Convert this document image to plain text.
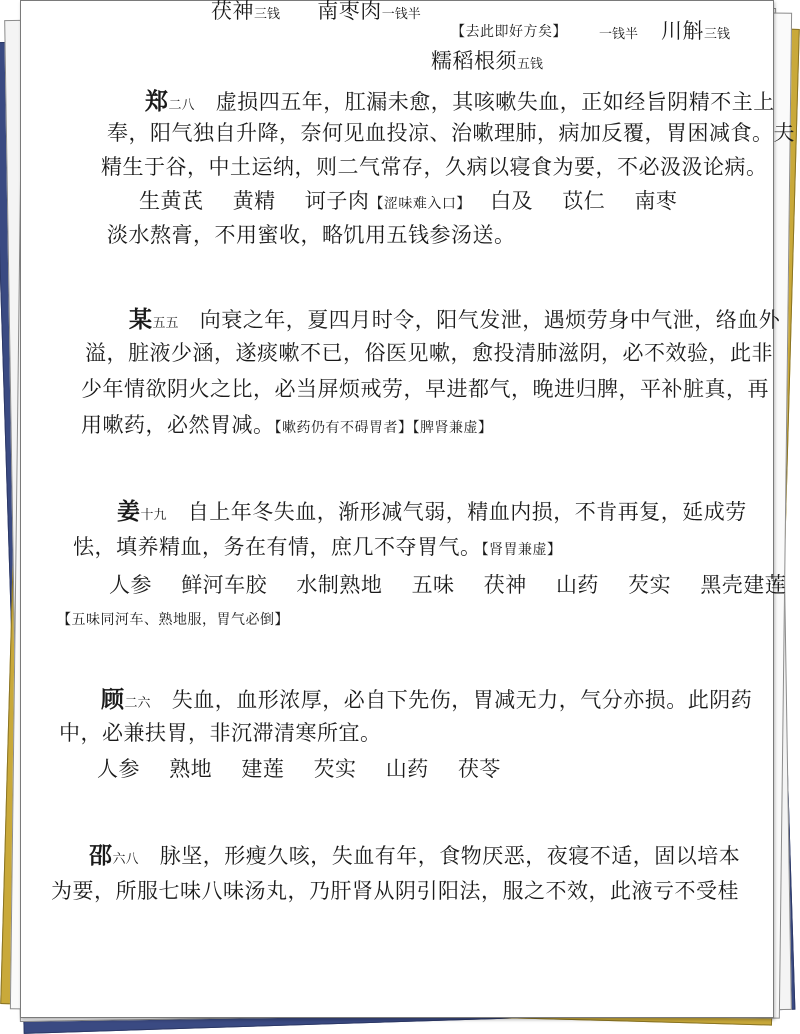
茯神三钱 南枣肉一钱半
【去此即好方矣】 一钱半 川斛三钱
糯稻根须五钱
郑二八 虚损四五年，肛漏未愈，其咳嗽失血，正如经旨阴精不主上
奉，阳气独自升降，奈何见血投凉、治嗽理肺，病加反覆，胃困减食。夫
精生于谷，中土运纳，则二气常存，久病以寝食为要，不必汲汲论病。
生黄芪 黄精 诃子肉【涩味难入口】 白及 苡仁 南枣
淡水熬膏，不用蜜收，略饥用五钱参汤送。
某五五 向衰之年，夏四月时令，阳气发泄，遇烦劳身中气泄，络血外
溢，脏液少涵，遂痰嗽不已，俗医见嗽，愈投清肺滋阴，必不效验，此非
少年情欲阴火之比，必当屏烦戒劳，早进都气，晚进归脾，平补脏真，再
用嗽药，必然胃减。【嗽药仍有不碍胃者】【脾肾兼虚】
姜十九 自上年冬失血，渐形减气弱，精血内损，不肯再复，延成劳
怯，填养精血，务在有情，庶几不夺胃气。【肾胃兼虚】
人参 鲜河车胶 水制熟地 五味 茯神 山药 芡实 黑壳建莲
【五味同河车、熟地服，胃气必倒】
顾二六 失血，血形浓厚，必自下先伤，胃减无力，气分亦损。此阴药
中，必兼扶胃，非沉滞清寒所宜。
人参 熟地 建莲 芡实 山药 茯苓
邵六八 脉坚，形瘦久咳，失血有年，食物厌恶，夜寝不适，固以培本
为要，所服七味八味汤丸，乃肝肾从阴引阳法，服之不效，此液亏不受桂
